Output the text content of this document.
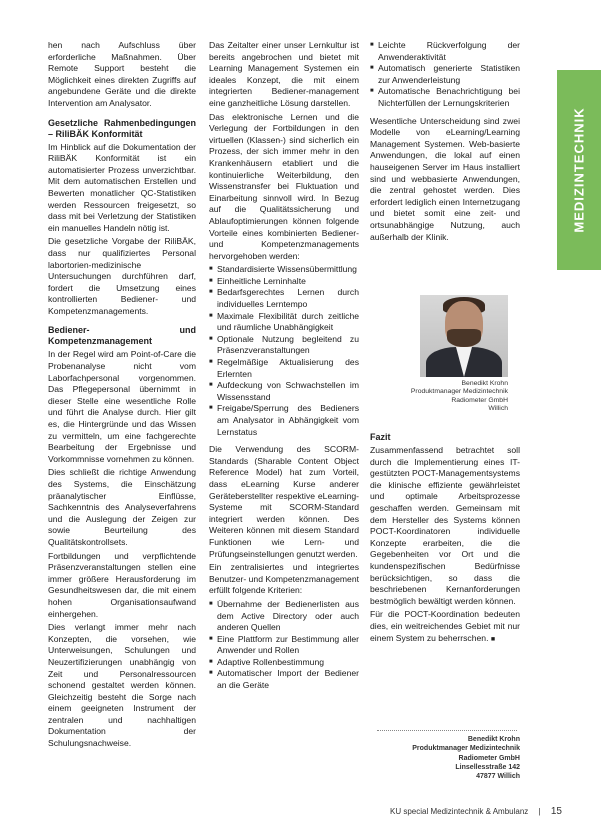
MEDIZINTECHNIK

hen nach Aufschluss über erforderliche Maßnahmen. Über Remote Support besteht die Möglichkeit eines direkten Zugriffs auf angebundene Geräte und die direkte Intervention am Analysator.

Gesetzliche Rahmenbedingungen – RiliBÄK Konformität

Im Hinblick auf die Dokumentation der RiliBÄK Konformität ist ein automatisierter Prozess unverzichtbar. Mit dem automatischen Erstellen und Bewerten monatlicher QC-Statistiken werden Ressourcen freigesetzt, so dass mit bei Verletzung der Statistiken ein manuelles Handeln nötig ist.

Die gesetzliche Vorgabe der RiliBÄK, dass nur qualifiziertes Personal labortorien-medizinische Untersuchungen durchführen darf, fordert die Umsetzung eines kontrollierten Bediener- und Kompetenzmanagements.

Bediener- und Kompetenzmanagement

In der Regel wird am Point-of-Care die Probenanalyse nicht vom Laborfachpersonal vorgenommen. Das Pflegepersonal übernimmt in dieser Stelle eine wesentliche Rolle und führt die Analyse durch. Hier gilt es, die Hintergründe und das Wissen zu vermitteln, um eine fachgerechte Bearbeitung der Ergebnisse und Vorkommnisse vornehmen zu können.

Dies schließt die richtige Anwendung des Systems, die Einschätzung präanalytischer Einflüsse, Sachkenntnis des Analyseverfahrens und die Auslegung der Zeigen zur sowie Beurteilung des Qualitätskontrollsets.

Fortbildungen und verpflichtende Präsenzveranstaltungen stellen eine immer größere Herausforderung im Gesundheitswesen dar, die mit einem hohen Organisationsaufwand einhergehen.

Dies verlangt immer mehr nach Konzepten, die vorsehen, wie Unterweisungen, Schulungen und Neuzertifizierungen unabhängig von Zeit und Personalressourcen schonend gestaltet werden können. Gleichzeitig besteht die Sorge nach einem geeigneten Instrument der zentralen und nachhaltigen Dokumentation der Schulungsnachweise.

Das Zeitalter einer unser Lernkultur ist bereits angebrochen und bietet mit Learning Management Systemen ein ideales Konzept, die mit einem integrierten Bediener-management eine ganzheitliche Lösung darstellen.

Das elektronische Lernen und die Verlegung der Fortbildungen in den virtuellen (Klassen-) sind sicherlich ein Prozess, der sich immer mehr in den Krankenhäusern etabliert und die kontinuierliche Weiterbildung, den Wissenstransfer bei Fluktuation und Einarbeitung sinnvoll wird. In Bezug auf die Qualitätssicherung und Ablaufoptimierungen können folgende Vorteile eines kombinierten Bediener- und Kompetenzmanagements hervorgehoben werden:

■ Standardisierte Wissensübermittlung
■ Einheitliche Lerninhalte
■ Bedarfsgerechtes Lernen durch individuelles Lerntempo
■ Maximale Flexibilität durch zeitliche und räumliche Unabhängigkeit
■ Optionale Nutzung begleitend zu Präsenzveranstaltungen
■ Regelmäßige Aktualisierung des Erlernten
■ Aufdeckung von Schwachstellen im Wissensstand
■ Freigabe/Sperrung des Bedieners am Analysator in Abhängigkeit vom Lernstatus

Die Verwendung des SCORM-Standards (Sharable Content Object Reference Model) hat zum Vorteil, dass eLearning Kurse anderer Geräteberstellter respektive eLearning-Systeme mit SCORM-Standard integriert werden können. Des Weiteren können mit diesem Standard Funktionen wie Lern- und Prüfungseinstellungen genutzt werden.

Ein zentralisiertes und integriertes Benutzer- und Kompetenzmanagement erfüllt folgende Kriterien:

■ Übernahme der Bedienerlisten aus dem Active Directory oder auch anderen Quellen
■ Eine Plattform zur Bestimmung aller Anwender und Rollen
■ Adaptive Rollenbestimmung
■ Automatischer Import der Bediener an die Geräte
■ Leichte Rückverfolgung der Anwenderaktivität
■ Automatisch generierte Statistiken zur Anwenderleistung
■ Automatische Benachrichtigung bei Nichterfüllen der Lernungskriterien

Wesentliche Unterscheidung sind zwei Modelle von eLearning/Learning Management Systemen. Web-basierte Anwendungen, die lokal auf einen hauseigenen Server im Haus installiert sind und webbasierte Anwendungen, die zentral gehostet werden. Dies erfordert lediglich einen Internetzugang und bietet somit eine zeit- und ortsunabhängige Nutzung, auch außerhalb der Klinik.

Benedikt Krohn
Produktmanager Medizintechnik
Radiometer GmbH
Willich
Fazit

Zusammenfassend betrachtet soll durch die Implementierung eines IT-gestützten POCT-Managementsystems die klinische effiziente gewährleistet und optimale Arbeitsprozesse geschaffen werden. Gemeinsam mit dem Hersteller des Systems können POCT-Koordinatoren individuelle Konzepte erarbeiten, die die Gegebenheiten vor Ort und die kundenspezifischen Bedürfnisse berücksichtigen, so dass die beschriebenen Kernanforderungen bestmöglich bewältigt werden können.

Für die POCT-Koordination bedeuten dies, ein weitreichendes Gebiet mit nur einem System zu beherrschen. ■

Benedikt Krohn
Produktmanager Medizintechnik
Radiometer GmbH
Linsellesstraße 142
47877 Willich
KU special Medizintechnik & Ambulanz | 15
